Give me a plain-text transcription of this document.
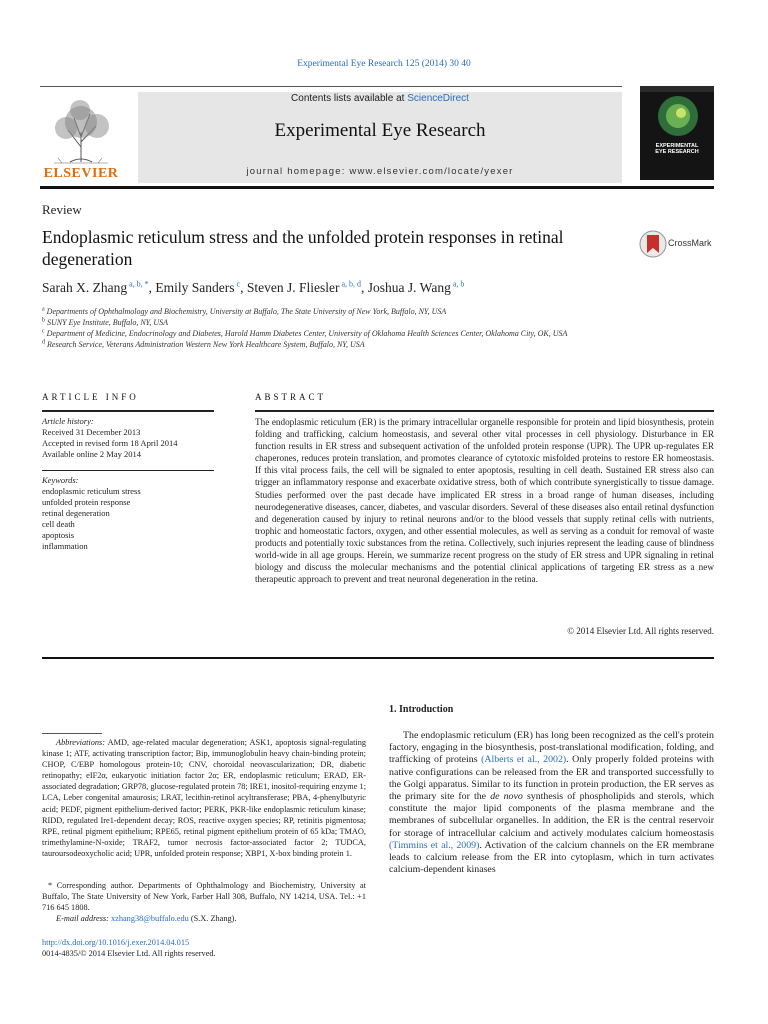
Experimental Eye Research 125 (2014) 30 40
ELSEVIER
Contents lists available at ScienceDirect
Experimental Eye Research
journal homepage: www.elsevier.com/locate/yexer
EXPERIMENTAL
EYE RESEARCH
Review
Endoplasmic reticulum stress and the unfolded protein responses in retinal degeneration
CrossMark
Sarah X. Zhang $^{a, b, *}$, Emily Sanders $^c$, Steven J. Fliesler $^{a, b, d}$, Joshua J. Wang $^{a, b}$
$^a$ Departments of Ophthalmology and Biochemistry, University at Buffalo, The State University of New York, Buffalo, NY, USA
$^b$ SUNY Eye Institute, Buffalo, NY, USA
$^c$ Department of Medicine, Endocrinology and Diabetes, Harold Hamm Diabetes Center, University of Oklahoma Health Sciences Center, Oklahoma City, OK, USA
$^d$ Research Service, Veterans Administration Western New York Healthcare System, Buffalo, NY, USA
ARTICLE INFO
Article history:
Received 31 December 2013
Accepted in revised form 18 April 2014
Available online 2 May 2014
Keywords:
endoplasmic reticulum stress
unfolded protein response
retinal degeneration
cell death
apoptosis
inflammation
ABSTRACT
The endoplasmic reticulum (ER) is the primary intracellular organelle responsible for protein and lipid biosynthesis, protein folding and trafficking, calcium homeostasis, and several other vital processes in cell physiology. Disturbance in ER function results in ER stress and subsequent activation of the unfolded protein response (UPR). The UPR up-regulates ER chaperones, reduces protein translation, and promotes clearance of cytotoxic misfolded proteins to restore ER homeostasis. If this vital process fails, the cell will be signaled to enter apoptosis, resulting in cell death. Sustained ER stress also can trigger an inflammatory response and exacerbate oxidative stress, both of which contribute synergistically to tissue damage. Studies performed over the past decade have implicated ER stress in a broad range of human diseases, including neurodegenerative diseases, cancer, diabetes, and vascular disorders. Several of these diseases also entail retinal dysfunction and degeneration caused by injury to retinal neurons and/or to the blood vessels that supply retinal cells with nutrients, trophic and homeostatic factors, oxygen, and other essential molecules, as well as serving as a conduit for removal of waste products and potentially toxic substances from the retina. Collectively, such injuries represent the leading cause of blindness world-wide in all age groups. Herein, we summarize recent progress on the study of ER stress and UPR signaling in retinal biology and discuss the molecular mechanisms and the potential clinical applications of targeting ER stress as a new therapeutic approach to prevent and treat neuronal degeneration in the retina.
© 2014 Elsevier Ltd. All rights reserved.
1. Introduction
The endoplasmic reticulum (ER) has long been recognized as the cell's protein factory, engaging in the biosynthesis, post-translational modification, folding, and trafficking of proteins (Alberts et al., 2002). Only properly folded proteins with native configurations can be released from the ER and transported successfully to the Golgi apparatus. Similar to its function in protein production, the ER serves as the primary site for the de novo synthesis of phospholipids and sterols, which constitute the major lipid components of the plasma membrane and the membranes of subcellular organelles. In addition, the ER is the central reservoir for storage of intracellular calcium and actively modulates calcium homeostasis (Timmins et al., 2009). Activation of the calcium channels on the ER membrane leads to calcium release from the ER into cytoplasm, which in turn activates calcium-dependent kinases
Abbreviations: AMD, age-related macular degeneration; ASK1, apoptosis signal-regulating kinase 1; ATF, activating transcription factor; Bip, immunoglobulin heavy chain-binding protein; CHOP, C/EBP homologous protein-10; CNV, choroidal neovascularization; DR, diabetic retinopathy; eIF2α, eukaryotic initiation factor 2α; ER, endoplasmic reticulum; ERAD, ER-associated degradation; GRP78, glucose-regulated protein 78; IRE1, inositol-requiring enzyme 1; LCA, Leber congenital amaurosis; LRAT, lecithin-retinol acyltransferase; PBA, 4-phenylbutyric acid; PEDF, pigment epithelium-derived factor; PERK, PKR-like endoplasmic reticulum kinase; RIDD, regulated Ire1-dependent decay; ROS, reactive oxygen species; RP, retinitis pigmentosa; RPE, retinal pigment epithelium; RPE65, retinal pigment epithelium protein of 65 kDa; TMAO, trimethylamine-N-oxide; TRAF2, tumor necrosis factor-associated factor 2; TUDCA, tauroursodeoxycholic acid; UPR, unfolded protein response; XBP1, X-box binding protein 1.
* Corresponding author. Departments of Ophthalmology and Biochemistry, University at Buffalo, The State University of New York, Farber Hall 308, Buffalo, NY 14214, USA. Tel.: +1 716 645 1808.
E-mail address: xzhang38@buffalo.edu (S.X. Zhang).
http://dx.doi.org/10.1016/j.exer.2014.04.015
0014-4835/© 2014 Elsevier Ltd. All rights reserved.
